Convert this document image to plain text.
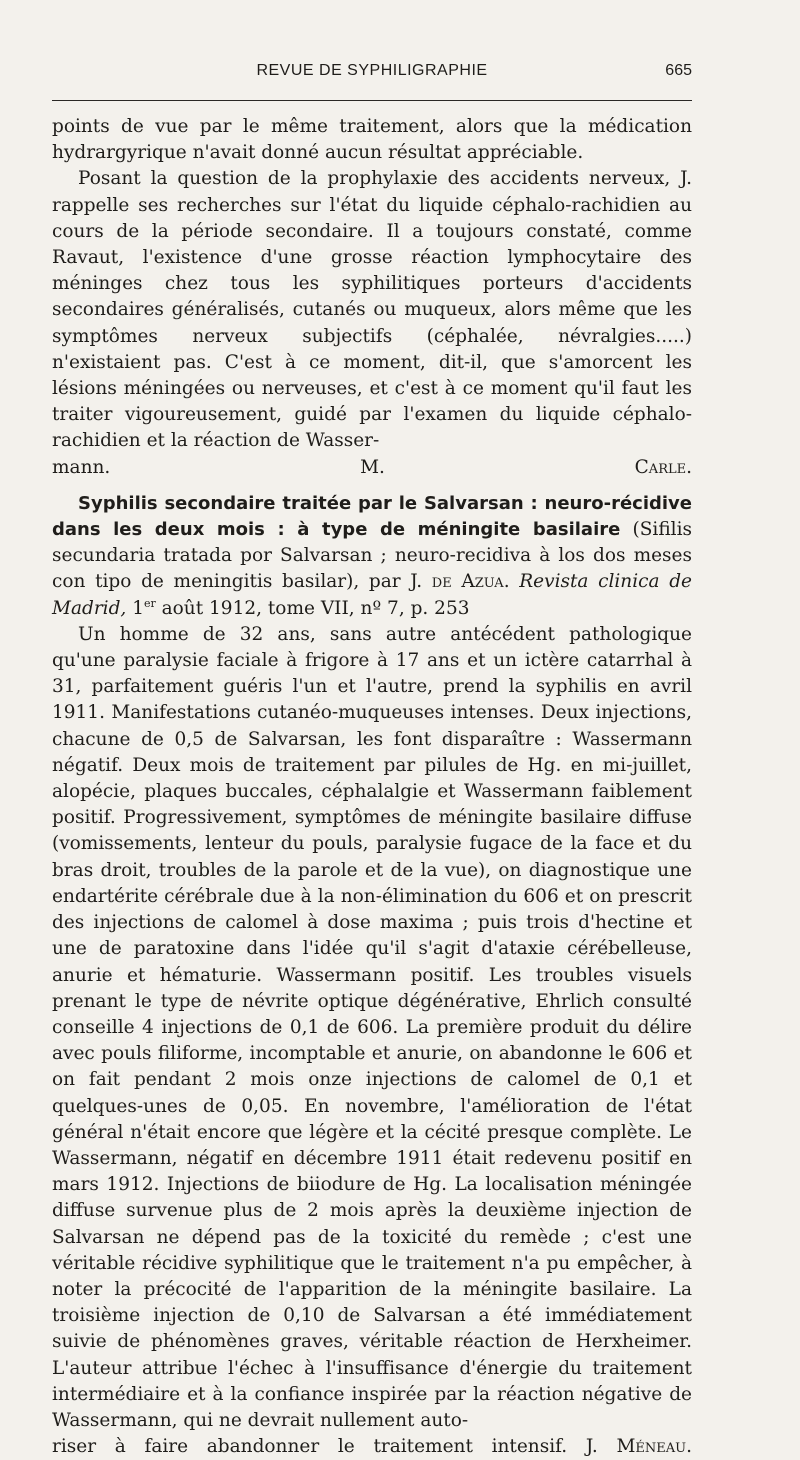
REVUE DE SYPHILIGRAPHIE	665

points de vue par le même traitement, alors que la médication hydrargyrique n'avait donné aucun résultat appréciable.

Posant la question de la prophylaxie des accidents nerveux, J. rappelle ses recherches sur l'état du liquide céphalo-rachidien au cours de la période secondaire. Il a toujours constaté, comme Ravaut, l'existence d'une grosse réaction lymphocytaire des méninges chez tous les syphilitiques porteurs d'accidents secondaires généralisés, cutanés ou muqueux, alors même que les symptômes nerveux subjectifs (céphalée, névralgies.....) n'existaient pas. C'est à ce moment, dit-il, que s'amorcent les lésions méningées ou nerveuses, et c'est à ce moment qu'il faut les traiter vigoureusement, guidé par l'examen du liquide céphalo-rachidien et la réaction de Wasser-

mann.	M. Carle.

Syphilis secondaire traitée par le Salvarsan : neuro-récidive dans les deux mois : à type de méningite basilaire (Sifilis secundaria tratada por Salvarsan ; neuro-recidiva à los dos meses con tipo de meningitis basilar), par J. de Azua. Revista clinica de Madrid, 1er août 1912, tome VII, nº 7, p. 253

Un homme de 32 ans, sans autre antécédent pathologique qu'une paralysie faciale à frigore à 17 ans et un ictère catarrhal à 31, parfaitement guéris l'un et l'autre, prend la syphilis en avril 1911. Manifestations cutanéo-muqueuses intenses. Deux injections, chacune de 0,5 de Salvarsan, les font disparaître : Wassermann négatif. Deux mois de traitement par pilules de Hg. en mi-juillet, alopécie, plaques buccales, céphalalgie et Wassermann faiblement positif. Progressivement, symptômes de méningite basilaire diffuse (vomissements, lenteur du pouls, paralysie fugace de la face et du bras droit, troubles de la parole et de la vue), on diagnostique une endartérite cérébrale due à la non-élimination du 606 et on prescrit des injections de calomel à dose maxima ; puis trois d'hectine et une de paratoxine dans l'idée qu'il s'agit d'ataxie cérébelleuse, anurie et hématurie. Wassermann positif. Les troubles visuels prenant le type de névrite optique dégénérative, Ehrlich consulté conseille 4 injections de 0,1 de 606. La première produit du délire avec pouls filiforme, incomptable et anurie, on abandonne le 606 et on fait pendant 2 mois onze injections de calomel de 0,1 et quelques-unes de 0,05. En novembre, l'amélioration de l'état général n'était encore que légère et la cécité presque complète. Le Wassermann, négatif en décembre 1911 était redevenu positif en mars 1912. Injections de biiodure de Hg. La localisation méningée diffuse survenue plus de 2 mois après la deuxième injection de Salvarsan ne dépend pas de la toxicité du remède ; c'est une véritable récidive syphilitique que le traitement n'a pu empêcher, à noter la précocité de l'apparition de la méningite basilaire. La troisième injection de 0,10 de Salvarsan a été immédiatement suivie de phénomènes graves, véritable réaction de Herxheimer. L'auteur attribue l'échec à l'insuffisance d'énergie du traitement intermédiaire et à la confiance inspirée par la réaction négative de Wassermann, qui ne devrait nullement auto-

riser à faire abandonner le traitement intensif. J. Méneau.
